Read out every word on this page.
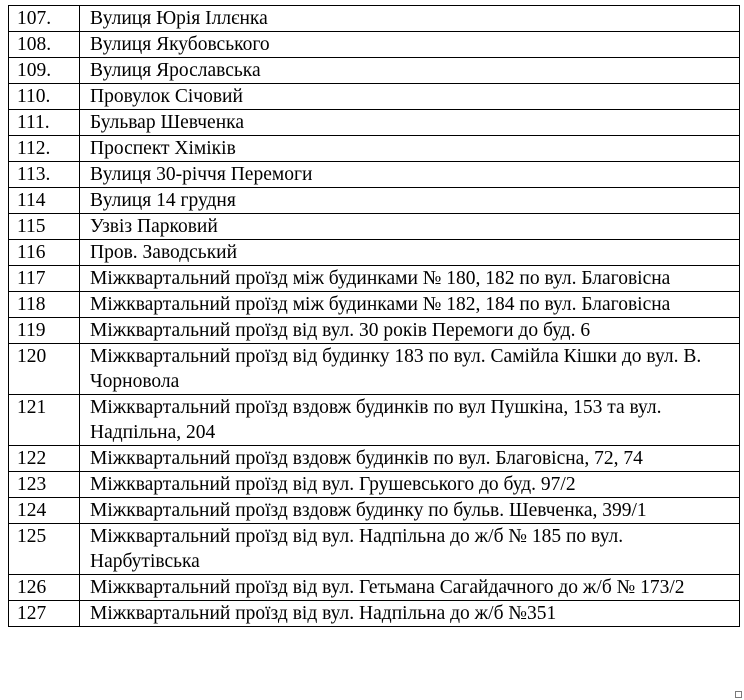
107.	Вулиця Юрія Іллєнка
108.	Вулиця Якубовського
109.	Вулиця Ярославська
110.	Провулок Січовий
111.	Бульвар Шевченка
112.	Проспект Хіміків
113.	Вулиця 30-річчя Перемоги
114	Вулиця 14 грудня
115	Узвіз Парковий
116	Пров. Заводський
117	Міжквартальний проїзд між будинками № 180, 182 по вул. Благовісна
118	Міжквартальний проїзд між будинками № 182, 184 по вул. Благовісна
119	Міжквартальний проїзд від вул. 30 років Перемоги до буд. 6
120	Міжквартальний проїзд від будинку 183 по вул. Самійла Кішки до вул. В. Чорновола
121	Міжквартальний проїзд вздовж будинків по вул Пушкіна, 153 та вул. Надпільна, 204
122	Міжквартальний проїзд вздовж будинків по вул. Благовісна, 72, 74
123	Міжквартальний проїзд від вул. Грушевського до буд. 97/2
124	Міжквартальний проїзд вздовж будинку по бульв. Шевченка, 399/1
125	Міжквартальний проїзд від вул. Надпільна до ж/б № 185 по вул. Нарбутівська
126	Міжквартальний проїзд від вул. Гетьмана Сагайдачного до ж/б № 173/2
127	Міжквартальний проїзд від вул. Надпільна до ж/б №351
